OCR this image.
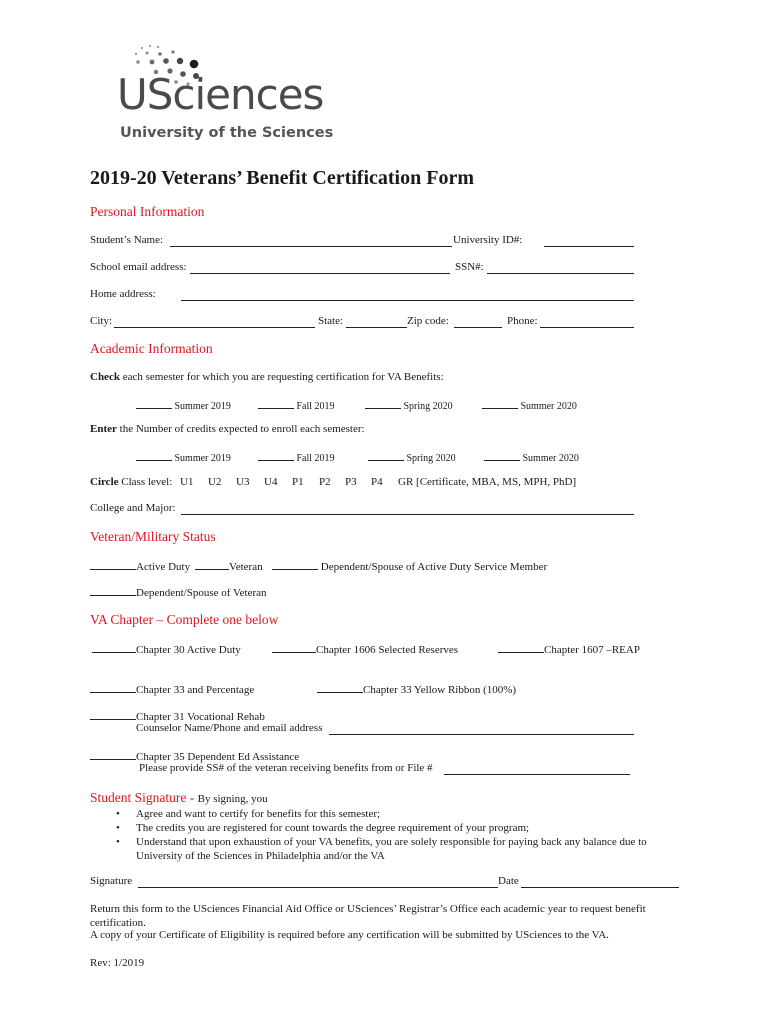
USciences
University of the Sciences
2019-20 Veterans’ Benefit Certification Form
Personal Information
Student’s Name:	University ID#:
School email address:	SSN#:
Home address:
City:	State:	Zip code:	Phone:
Academic Information
Check each semester for which you are requesting certification for VA Benefits:
Summer 2019	Fall 2019	Spring 2020	Summer 2020
Enter the Number of credits expected to enroll each semester:
Summer 2019	Fall 2019	Spring 2020	Summer 2020
Circle Class level: U1 U2 U3 U4 P1 P2 P3 P4 GR [Certificate, MBA, MS, MPH, PhD]
College and Major:
Veteran/Military Status
Active Duty	Veteran	Dependent/Spouse of Active Duty Service Member
Dependent/Spouse of Veteran
VA Chapter – Complete one below
Chapter 30 Active Duty	Chapter 1606 Selected Reserves	Chapter 1607 –REAP
Chapter 33 and Percentage	Chapter 33 Yellow Ribbon (100%)
Chapter 31 Vocational Rehab
Counselor Name/Phone and email address
Chapter 35 Dependent Ed Assistance
Please provide SS# of the veteran receiving benefits from or File #
Student Signature - By signing, you
• Agree and want to certify for benefits for this semester;
• The credits you are registered for count towards the degree requirement of your program;
• Understand that upon exhaustion of your VA benefits, you are solely responsible for paying back any balance due to University of the Sciences in Philadelphia and/or the VA
Signature	Date
Return this form to the USciences Financial Aid Office or USciences’ Registrar’s Office each academic year to request benefit certification.
A copy of your Certificate of Eligibility is required before any certification will be submitted by USciences to the VA.
Rev: 1/2019
